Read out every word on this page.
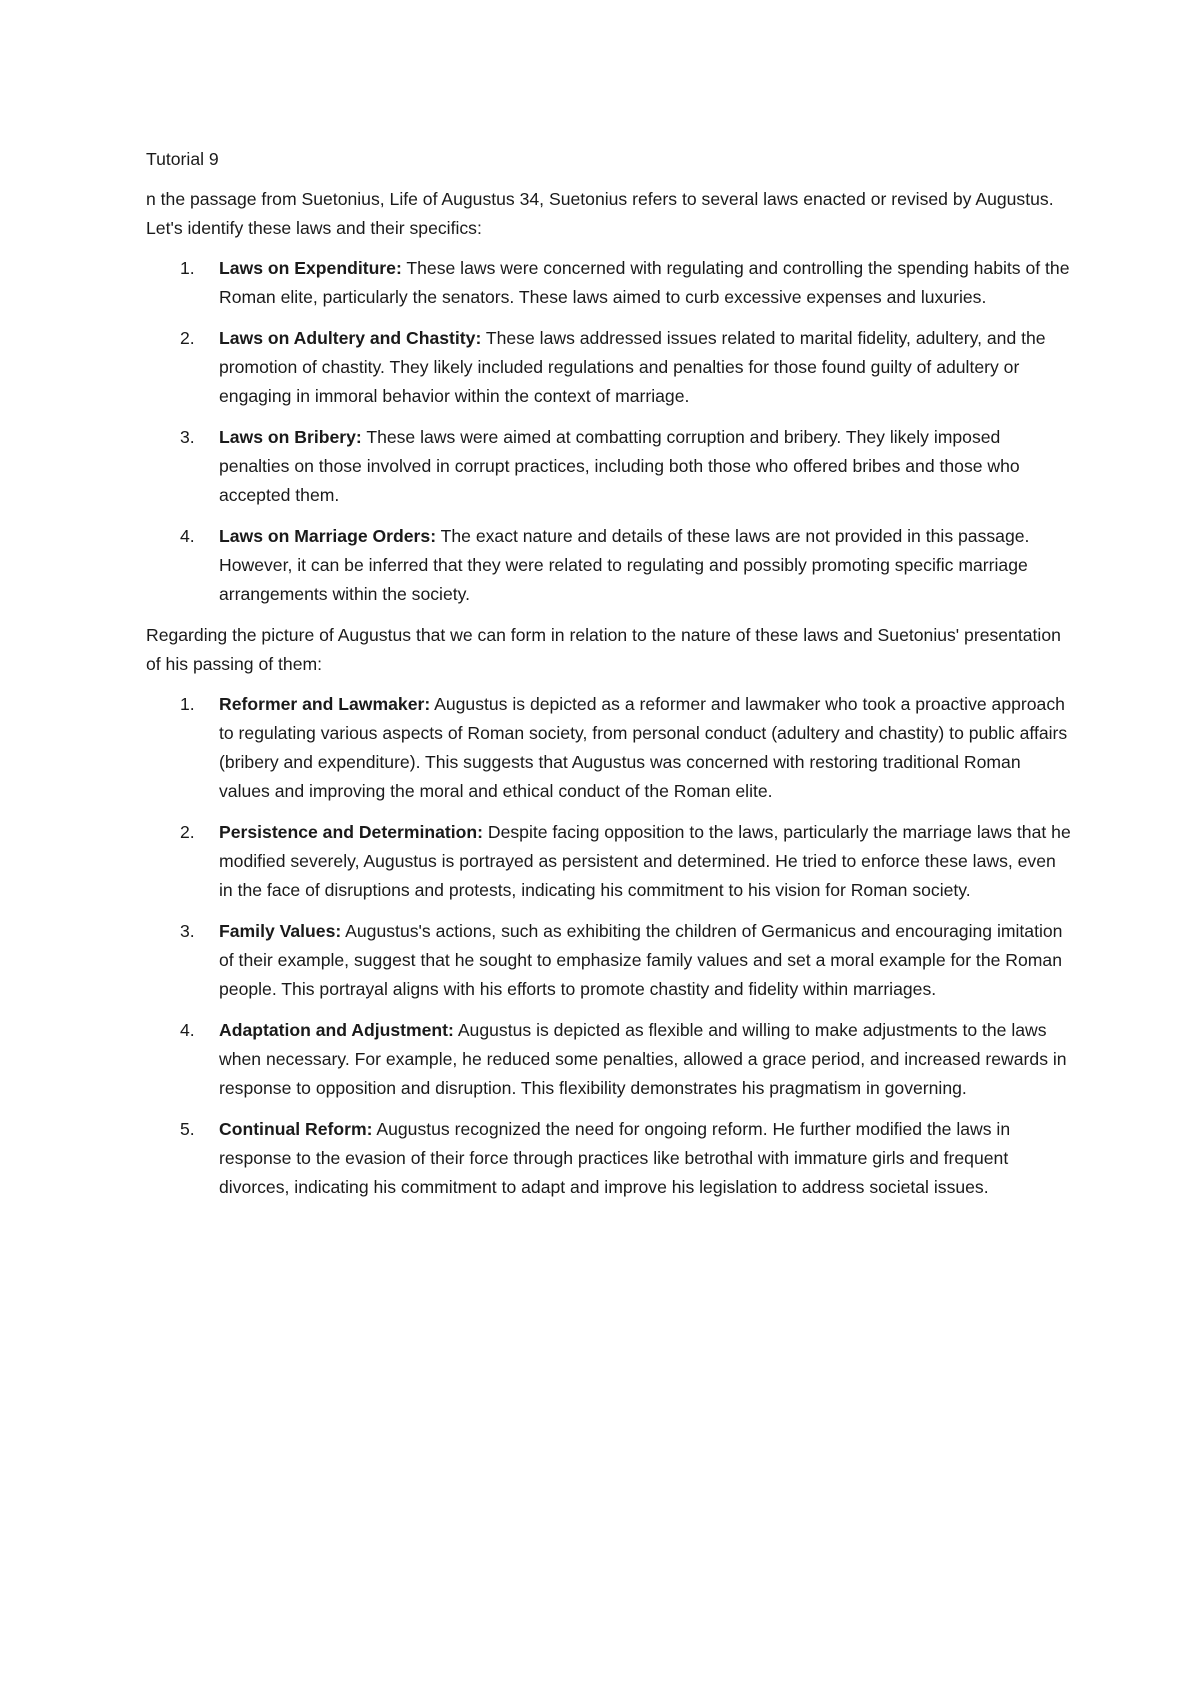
Tutorial 9

n the passage from Suetonius, Life of Augustus 34, Suetonius refers to several laws enacted or revised by Augustus. Let's identify these laws and their specifics:

1. Laws on Expenditure: These laws were concerned with regulating and controlling the spending habits of the Roman elite, particularly the senators. These laws aimed to curb excessive expenses and luxuries.
2. Laws on Adultery and Chastity: These laws addressed issues related to marital fidelity, adultery, and the promotion of chastity. They likely included regulations and penalties for those found guilty of adultery or engaging in immoral behavior within the context of marriage.
3. Laws on Bribery: These laws were aimed at combatting corruption and bribery. They likely imposed penalties on those involved in corrupt practices, including both those who offered bribes and those who accepted them.
4. Laws on Marriage Orders: The exact nature and details of these laws are not provided in this passage. However, it can be inferred that they were related to regulating and possibly promoting specific marriage arrangements within the society.

Regarding the picture of Augustus that we can form in relation to the nature of these laws and Suetonius' presentation of his passing of them:

1. Reformer and Lawmaker: Augustus is depicted as a reformer and lawmaker who took a proactive approach to regulating various aspects of Roman society, from personal conduct (adultery and chastity) to public affairs (bribery and expenditure). This suggests that Augustus was concerned with restoring traditional Roman values and improving the moral and ethical conduct of the Roman elite.
2. Persistence and Determination: Despite facing opposition to the laws, particularly the marriage laws that he modified severely, Augustus is portrayed as persistent and determined. He tried to enforce these laws, even in the face of disruptions and protests, indicating his commitment to his vision for Roman society.
3. Family Values: Augustus's actions, such as exhibiting the children of Germanicus and encouraging imitation of their example, suggest that he sought to emphasize family values and set a moral example for the Roman people. This portrayal aligns with his efforts to promote chastity and fidelity within marriages.
4. Adaptation and Adjustment: Augustus is depicted as flexible and willing to make adjustments to the laws when necessary. For example, he reduced some penalties, allowed a grace period, and increased rewards in response to opposition and disruption. This flexibility demonstrates his pragmatism in governing.
5. Continual Reform: Augustus recognized the need for ongoing reform. He further modified the laws in response to the evasion of their force through practices like betrothal with immature girls and frequent divorces, indicating his commitment to adapt and improve his legislation to address societal issues.
